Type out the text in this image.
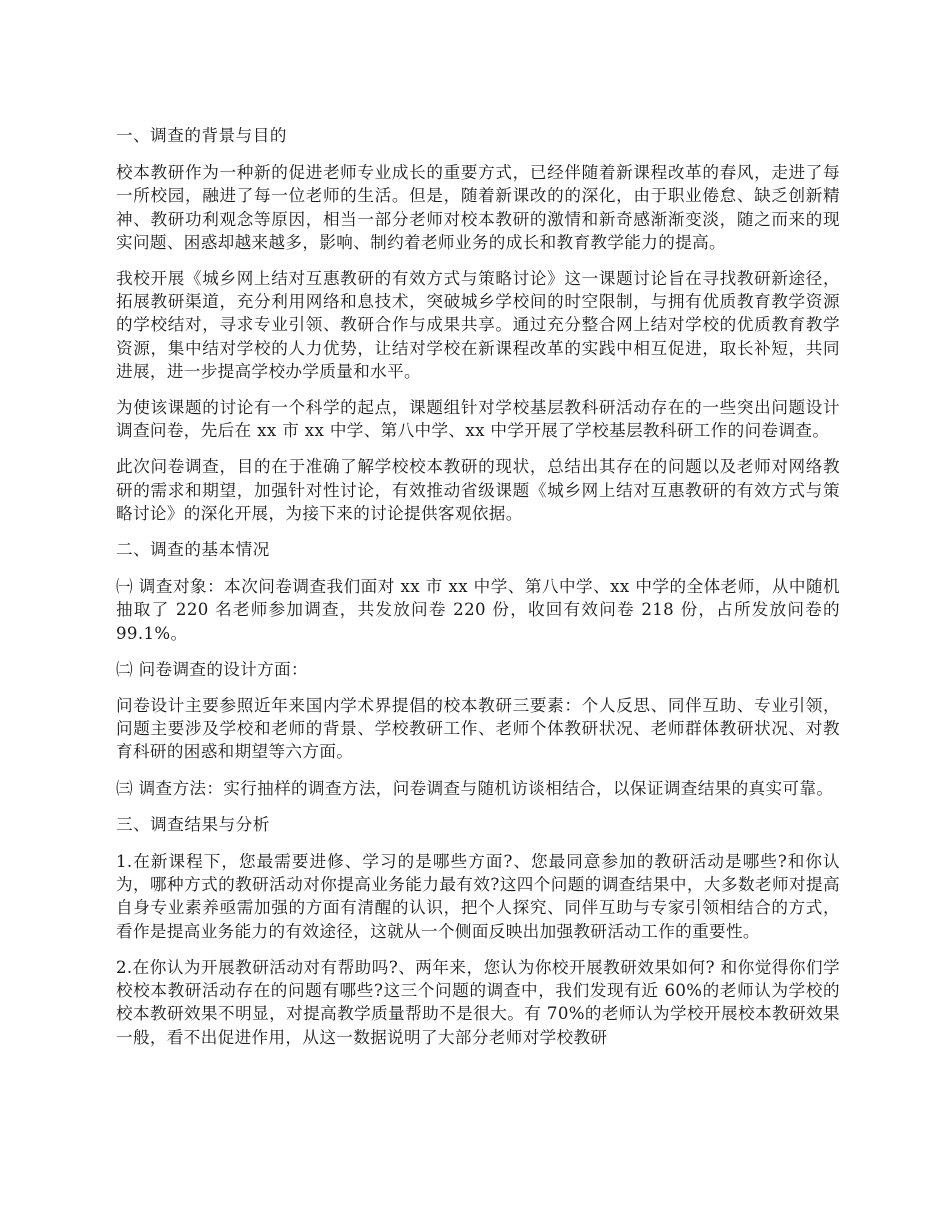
一、调查的背景与目的
校本教研作为一种新的促进老师专业成长的重要方式，已经伴随着新课程改革的春风，走进了每一所校园，融进了每一位老师的生活。但是，随着新课改的的深化，由于职业倦怠、缺乏创新精神、教研功利观念等原因，相当一部分老师对校本教研的激情和新奇感渐渐变淡，随之而来的现实问题、困惑却越来越多，影响、制约着老师业务的成长和教育教学能力的提高。
我校开展《城乡网上结对互惠教研的有效方式与策略讨论》这一课题讨论旨在寻找教研新途径，拓展教研渠道，充分利用网络和息技术，突破城乡学校间的时空限制，与拥有优质教育教学资源的学校结对，寻求专业引领、教研合作与成果共享。通过充分整合网上结对学校的优质教育教学资源，集中结对学校的人力优势，让结对学校在新课程改革的实践中相互促进，取长补短，共同进展，进一步提高学校办学质量和水平。
为使该课题的讨论有一个科学的起点，课题组针对学校基层教科研活动存在的一些突出问题设计调查问卷，先后在 xx 市 xx 中学、第八中学、xx 中学开展了学校基层教科研工作的问卷调查。
此次问卷调查，目的在于准确了解学校校本教研的现状，总结出其存在的问题以及老师对网络教研的需求和期望，加强针对性讨论，有效推动省级课题《城乡网上结对互惠教研的有效方式与策略讨论》的深化开展，为接下来的讨论提供客观依据。
二、调查的基本情况
㈠ 调查对象：本次问卷调查我们面对 xx 市 xx 中学、第八中学、xx 中学的全体老师，从中随机抽取了 220 名老师参加调查，共发放问卷 220 份，收回有效问卷 218 份，占所发放问卷的 99.1%。
㈡ 问卷调查的设计方面：
问卷设计主要参照近年来国内学术界提倡的校本教研三要素：个人反思、同伴互助、专业引领，问题主要涉及学校和老师的背景、学校教研工作、老师个体教研状况、老师群体教研状况、对教育科研的困惑和期望等六方面。
㈢ 调查方法：实行抽样的调查方法，问卷调查与随机访谈相结合，以保证调查结果的真实可靠。
三、调查结果与分析
1.在新课程下，您最需要进修、学习的是哪些方面?、您最同意参加的教研活动是哪些?和你认为，哪种方式的教研活动对你提高业务能力最有效?这四个问题的调查结果中，大多数老师对提高自身专业素养亟需加强的方面有清醒的认识，把个人探究、同伴互助与专家引领相结合的方式，看作是提高业务能力的有效途径，这就从一个侧面反映出加强教研活动工作的重要性。
2.在你认为开展教研活动对有帮助吗?、两年来，您认为你校开展教研效果如何? 和你觉得你们学校校本教研活动存在的问题有哪些?这三个问题的调查中，我们发现有近 60%的老师认为学校的校本教研效果不明显，对提高教学质量帮助不是很大。有 70%的老师认为学校开展校本教研效果一般，看不出促进作用，从这一数据说明了大部分老师对学校教研
